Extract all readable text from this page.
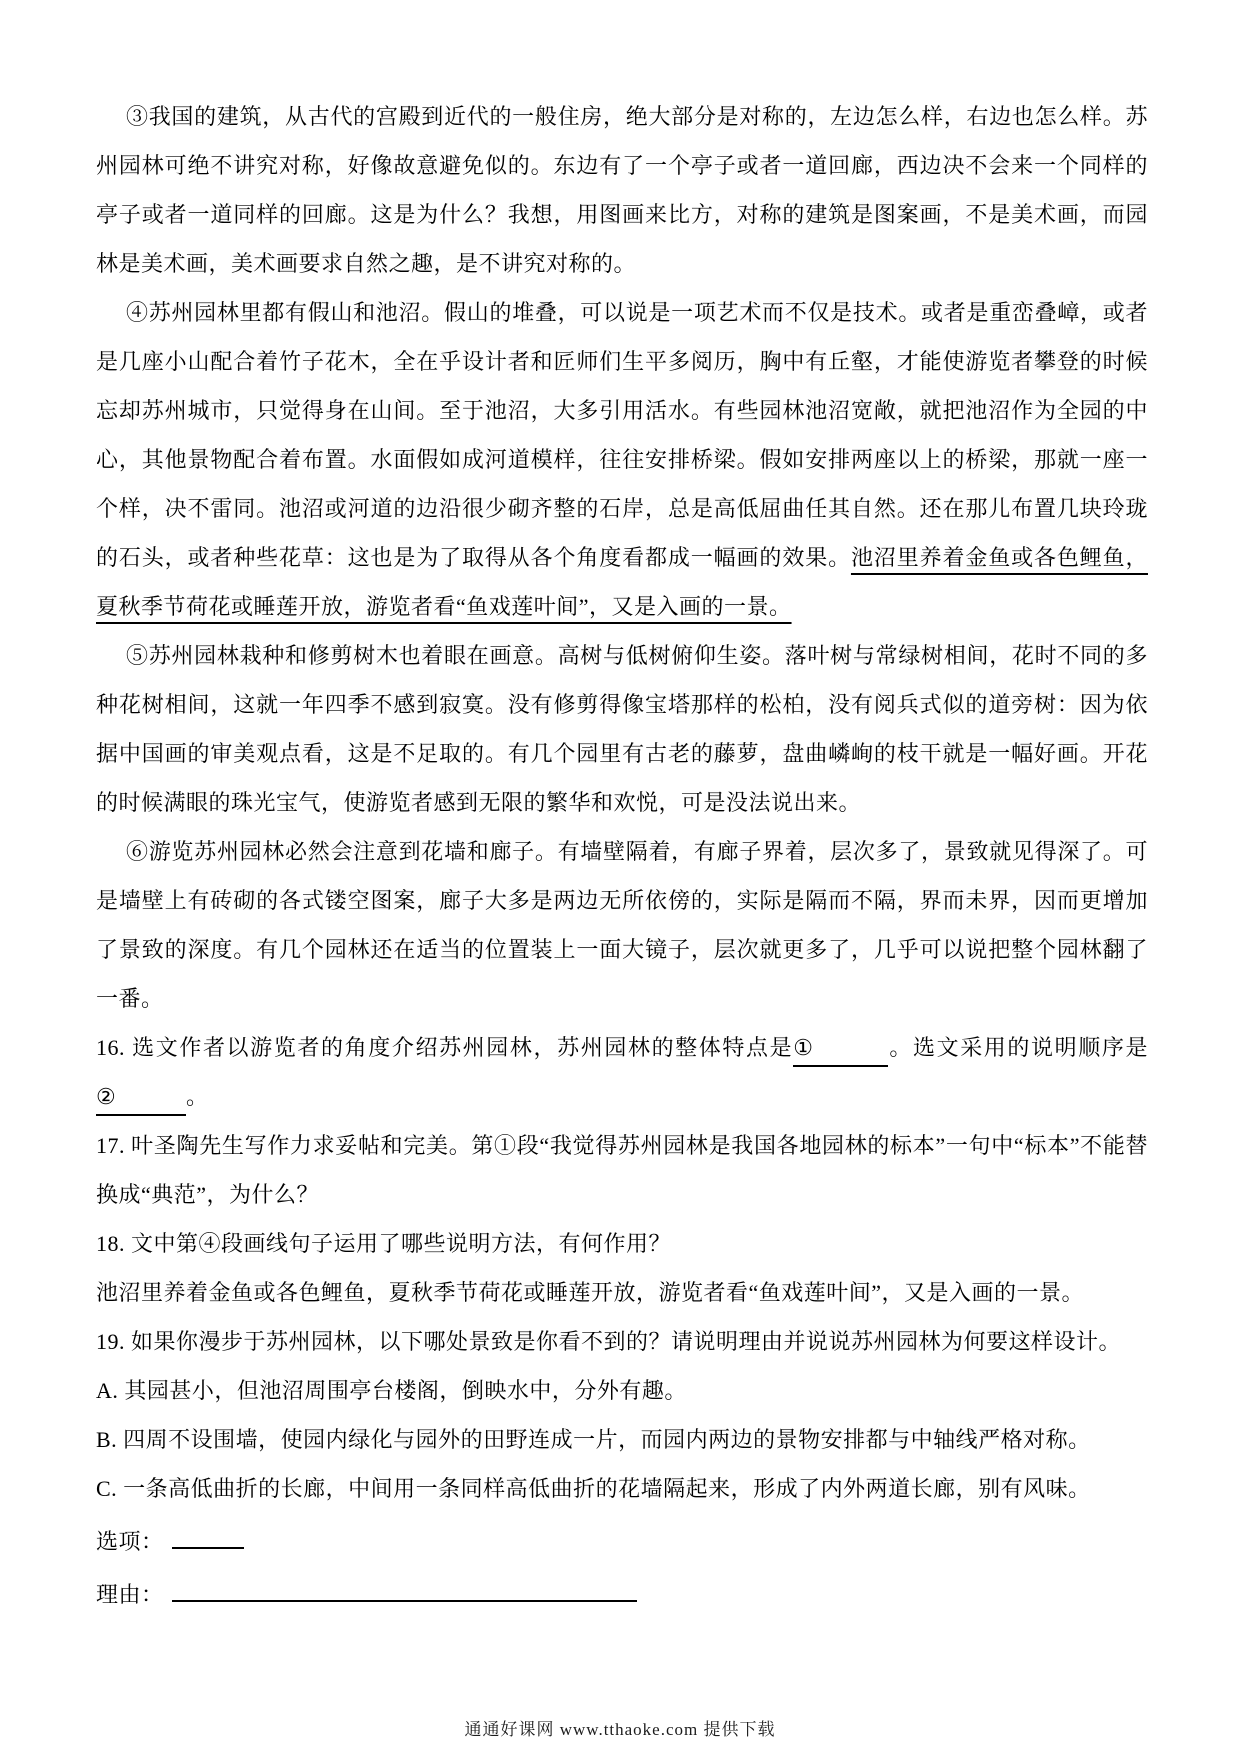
③我国的建筑，从古代的宫殿到近代的一般住房，绝大部分是对称的，左边怎么样，右边也怎么样。苏州园林可绝不讲究对称，好像故意避免似的。东边有了一个亭子或者一道回廊，西边决不会来一个同样的亭子或者一道同样的回廊。这是为什么？我想，用图画来比方，对称的建筑是图案画，不是美术画，而园林是美术画，美术画要求自然之趣，是不讲究对称的。

④苏州园林里都有假山和池沼。假山的堆叠，可以说是一项艺术而不仅是技术。或者是重峦叠嶂，或者是几座小山配合着竹子花木，全在乎设计者和匠师们生平多阅历，胸中有丘壑，才能使游览者攀登的时候忘却苏州城市，只觉得身在山间。至于池沼，大多引用活水。有些园林池沼宽敞，就把池沼作为全园的中心，其他景物配合着布置。水面假如成河道模样，往往安排桥梁。假如安排两座以上的桥梁，那就一座一个样，决不雷同。池沼或河道的边沿很少砌齐整的石岸，总是高低屈曲任其自然。还在那儿布置几块玲珑的石头，或者种些花草：这也是为了取得从各个角度看都成一幅画的效果。池沼里养着金鱼或各色鲤鱼，夏秋季节荷花或睡莲开放，游览者看“鱼戏莲叶间”，又是入画的一景。

⑤苏州园林栽种和修剪树木也着眼在画意。高树与低树俯仰生姿。落叶树与常绿树相间，花时不同的多种花树相间，这就一年四季不感到寂寞。没有修剪得像宝塔那样的松柏，没有阅兵式似的道旁树：因为依据中国画的审美观点看，这是不足取的。有几个园里有古老的藤萝，盘曲嶙峋的枝干就是一幅好画。开花的时候满眼的珠光宝气，使游览者感到无限的繁华和欢悦，可是没法说出来。

⑥游览苏州园林必然会注意到花墙和廊子。有墙壁隔着，有廊子界着，层次多了，景致就见得深了。可是墙壁上有砖砌的各式镂空图案，廊子大多是两边无所依傍的，实际是隔而不隔，界而未界，因而更增加了景致的深度。有几个园林还在适当的位置装上一面大镜子，层次就更多了，几乎可以说把整个园林翻了一番。

16. 选文作者以游览者的角度介绍苏州园林，苏州园林的整体特点是①	。选文采用的说明顺序是②	。

17. 叶圣陶先生写作力求妥帖和完美。第①段“我觉得苏州园林是我国各地园林的标本”一句中“标本”不能替换成“典范”，为什么？

18. 文中第④段画线句子运用了哪些说明方法，有何作用？

池沼里养着金鱼或各色鲤鱼，夏秋季节荷花或睡莲开放，游览者看“鱼戏莲叶间”，又是入画的一景。

19. 如果你漫步于苏州园林，以下哪处景致是你看不到的？请说明理由并说说苏州园林为何要这样设计。

A. 其园甚小，但池沼周围亭台楼阁，倒映水中，分外有趣。

B. 四周不设围墙，使园内绿化与园外的田野连成一片，而园内两边的景物安排都与中轴线严格对称。

C. 一条高低曲折的长廊，中间用一条同样高低曲折的花墙隔起来，形成了内外两道长廊，别有风味。

选项：

理由：

通通好课网 www.tthaoke.com 提供下载
